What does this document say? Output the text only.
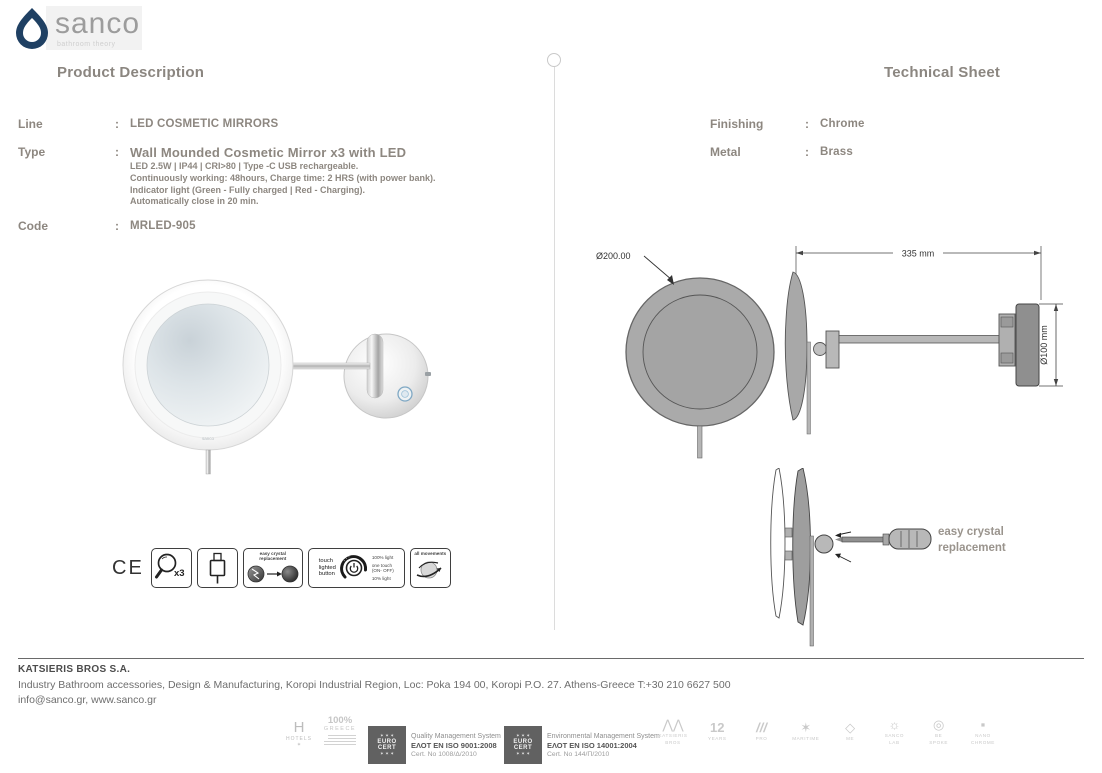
sanco
bathroom theory
Product Description	Technical Sheet
Line	: LED COSMETIC MIRRORS
Type	: Wall Mounded Cosmetic Mirror x3 with LED
LED 2.5W | IP44 | CRI>80 | Type -C USB rechargeable.
Continuously working: 48hours, Charge time: 2 HRS (with power bank).
Indicator light (Green - Fully charged | Red - Charging).
Automatically close in 20 min.
Code	: MRLED-905
Finishing	: Chrome
Metal	: Brass
sanco
CE	x3
easy crystal
replacement	touch
lighted
button
100% light
one touch
(ON- OFF)
10% light
all movements
Ø200.00	335 mm
Ø100 mm
easy crystal
replacement
KATSIERIS BROS S.A.
Industry Bathroom accessories, Design & Manufacturing, Koropi Industrial Region, Loc: Poka 194 00, Koropi P.O. 27. Athens-Greece T:+30 210 6627 500
info@sanco.gr, www.sanco.gr
H
HOTELS
✶
100%
GREECE
✶ ✶ ✶
EURO
CERT
✶ ✶ ✶
Quality Management System
ΕΛΟΤ EN ISO 9001:2008
Cert. No 1008/Δ/2010
✶ ✶ ✶
EURO
CERT
✶ ✶ ✶
Environmental Management System
ΕΛΟΤ EN ISO 14001:2004
Cert. No 144/Π/2010
⋀⋀
KATSIERIS
BROS
12
YEARS
///
PRO
✶
MARITIME
◇
ME
☼
SANCO
LAB
◎
BE
SPOKE
▪
NANO
CHROME
